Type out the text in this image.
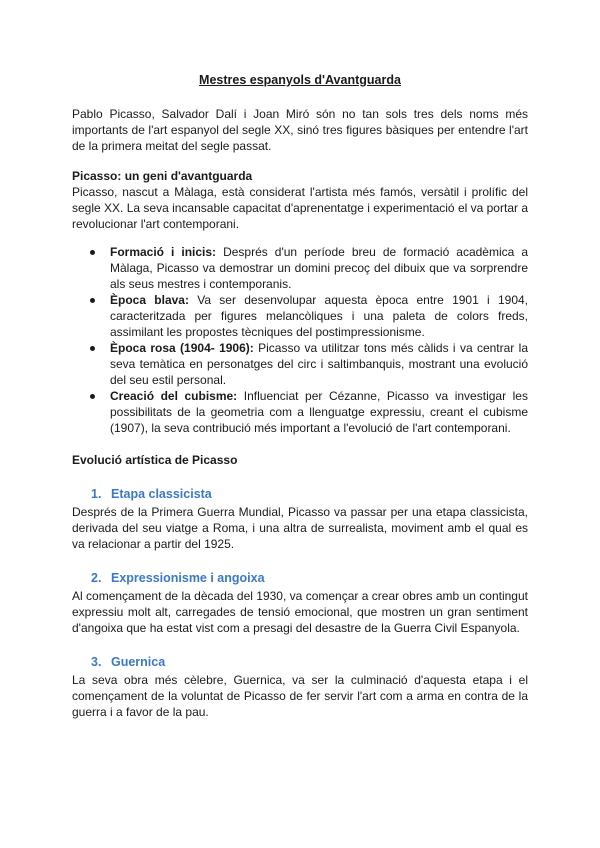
Mestres espanyols d'Avantguarda

Pablo Picasso, Salvador Dalí i Joan Miró són no tan sols tres dels noms més importants de l'art espanyol del segle XX, sinó tres figures bàsiques per entendre l'art de la primera meitat del segle passat.

Picasso: un geni d'avantguarda

Picasso, nascut a Màlaga, està considerat l'artista més famós, versàtil i prolífic del segle XX. La seva incansable capacitat d'aprenentatge i experimentació el va portar a revolucionar l'art contemporani.

Formació i inicis: Després d'un període breu de formació acadèmica a Màlaga, Picasso va demostrar un domini precoç del dibuix que va sorprendre als seus mestres i contemporanis.
Època blava: Va ser desenvolupar aquesta època entre 1901 i 1904, caracteritzada per figures melancòliques i una paleta de colors freds, assimilant les propostes tècniques del postimpressionisme.
Època rosa (1904- 1906): Picasso va utilitzar tons més càlids i va centrar la seva temàtica en personatges del circ i saltimbanquis, mostrant una evolució del seu estil personal.
Creació del cubisme: Influenciat per Cézanne, Picasso va investigar les possibilitats de la geometria com a llenguatge expressiu, creant el cubisme (1907), la seva contribució més important a l'evolució de l'art contemporani.
Evolució artística de Picasso
1. Etapa classicista

Després de la Primera Guerra Mundial, Picasso va passar per una etapa classicista, derivada del seu viatge a Roma, i una altra de surrealista, moviment amb el qual es va relacionar a partir del 1925.

2. Expressionisme i angoixa

Al començament de la dècada del 1930, va començar a crear obres amb un contingut expressiu molt alt, carregades de tensió emocional, que mostren un gran sentiment d'angoixa que ha estat vist com a presagi del desastre de la Guerra Civil Espanyola.

3. Guernica

La seva obra més cèlebre, Guernica, va ser la culminació d'aquesta etapa i el començament de la voluntat de Picasso de fer servir l'art com a arma en contra de la guerra i a favor de la pau.
